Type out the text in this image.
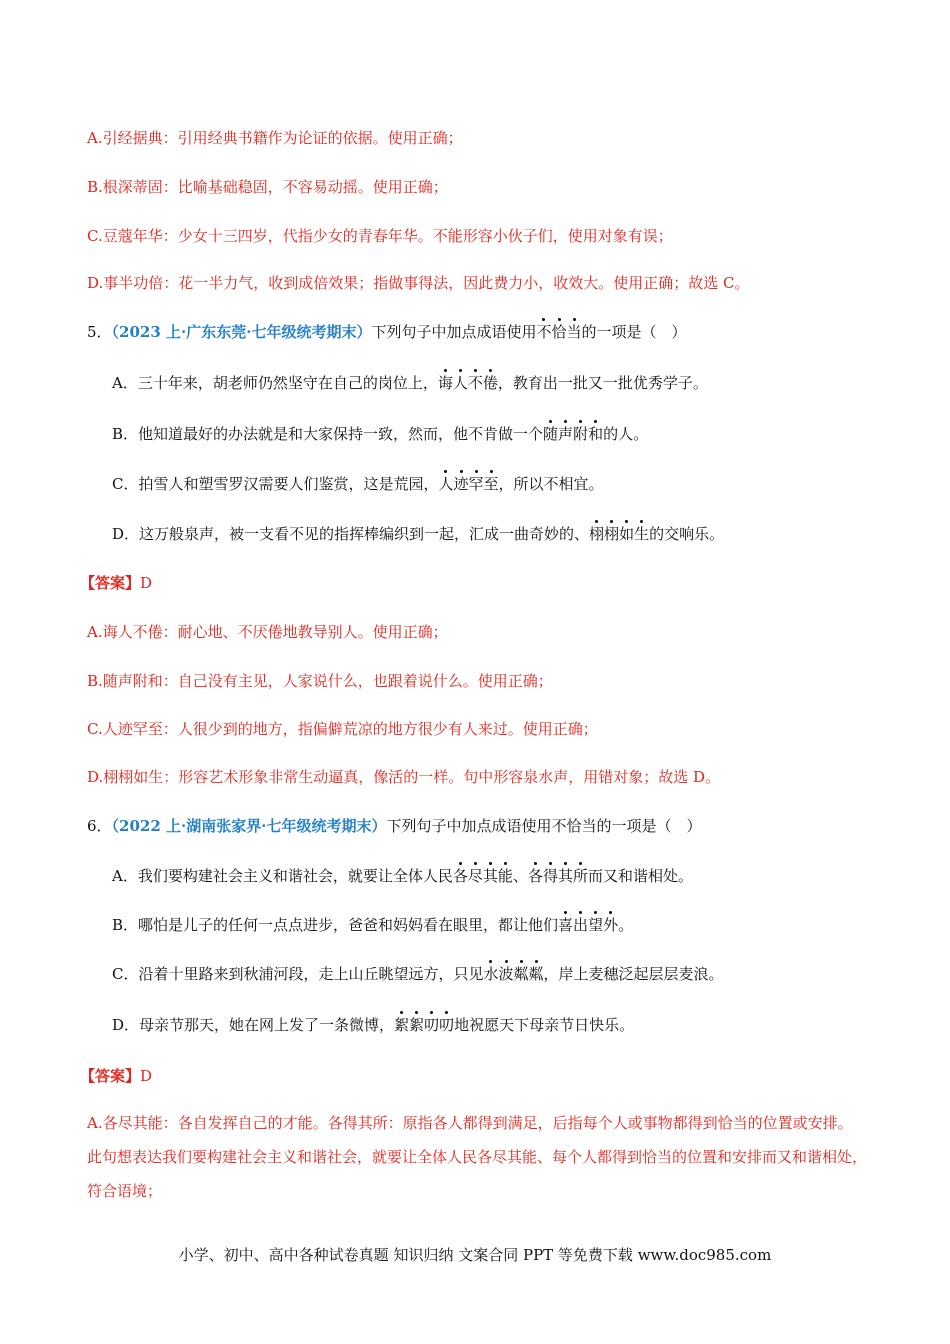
A.引经据典：引用经典书籍作为论证的依据。使用正确；
B.根深蒂固：比喻基础稳固，不容易动摇。使用正确；
C.豆蔻年华：少女十三四岁，代指少女的青春年华。不能形容小伙子们，使用对象有误；
D.事半功倍：花一半力气，收到成倍效果；指做事得法，因此费力小，收效大。使用正确；故选 C。
5．（2023 上·广东东莞·七年级统考期末）下列句子中加点成语使用不恰当的一项是（　）
A．三十年来，胡老师仍然坚守在自己的岗位上，诲人不倦，教育出一批又一批优秀学子。
B．他知道最好的办法就是和大家保持一致，然而，他不肯做一个随声附和的人。
C．拍雪人和塑雪罗汉需要人们鉴赏，这是荒园，人迹罕至，所以不相宜。
D．这万般泉声，被一支看不见的指挥棒编织到一起，汇成一曲奇妙的、栩栩如生的交响乐。
【答案】D
A.诲人不倦：耐心地、不厌倦地教导别人。使用正确；
B.随声附和：自己没有主见，人家说什么，也跟着说什么。使用正确；
C.人迹罕至：人很少到的地方，指偏僻荒凉的地方很少有人来过。使用正确；
D.栩栩如生：形容艺术形象非常生动逼真，像活的一样。句中形容泉水声，用错对象；故选 D。
6．（2022 上·湖南张家界·七年级统考期末）下列句子中加点成语使用不恰当的一项是（　）
A．我们要构建社会主义和谐社会，就要让全体人民各尽其能、各得其所而又和谐相处。
B．哪怕是儿子的任何一点点进步，爸爸和妈妈看在眼里，都让他们喜出望外。
C．沿着十里路来到秋浦河段，走上山丘眺望远方，只见水波粼粼，岸上麦穗泛起层层麦浪。
D．母亲节那天，她在网上发了一条微博，絮絮叨叨地祝愿天下母亲节日快乐。
【答案】D
A.各尽其能：各自发挥自己的才能。各得其所：原指各人都得到满足，后指每个人或事物都得到恰当的位置或安排。此句想表达我们要构建社会主义和谐社会，就要让全体人民各尽其能、每个人都得到恰当的位置和安排而又和谐相处，符合语境；
小学、初中、高中各种试卷真题 知识归纳 文案合同 PPT 等免费下载 www.doc985.com
